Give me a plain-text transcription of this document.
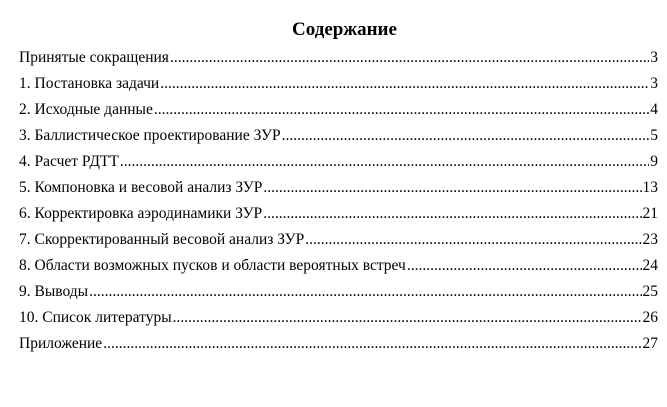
Содержание
Принятые сокращения .....	3
1. Постановка задачи .....	3
2. Исходные данные .....	4
3. Баллистическое проектирование ЗУР .....	5
4. Расчет РДТТ .....	9
5. Компоновка и весовой анализ ЗУР .....	13
6. Корректировка аэродинамики ЗУР .....	21
7. Скорректированный весовой анализ ЗУР .....	23
8. Области возможных пусков и области вероятных встреч .....	24
9. Выводы .....	25
10. Список литературы .....	26
Приложение .....	27
